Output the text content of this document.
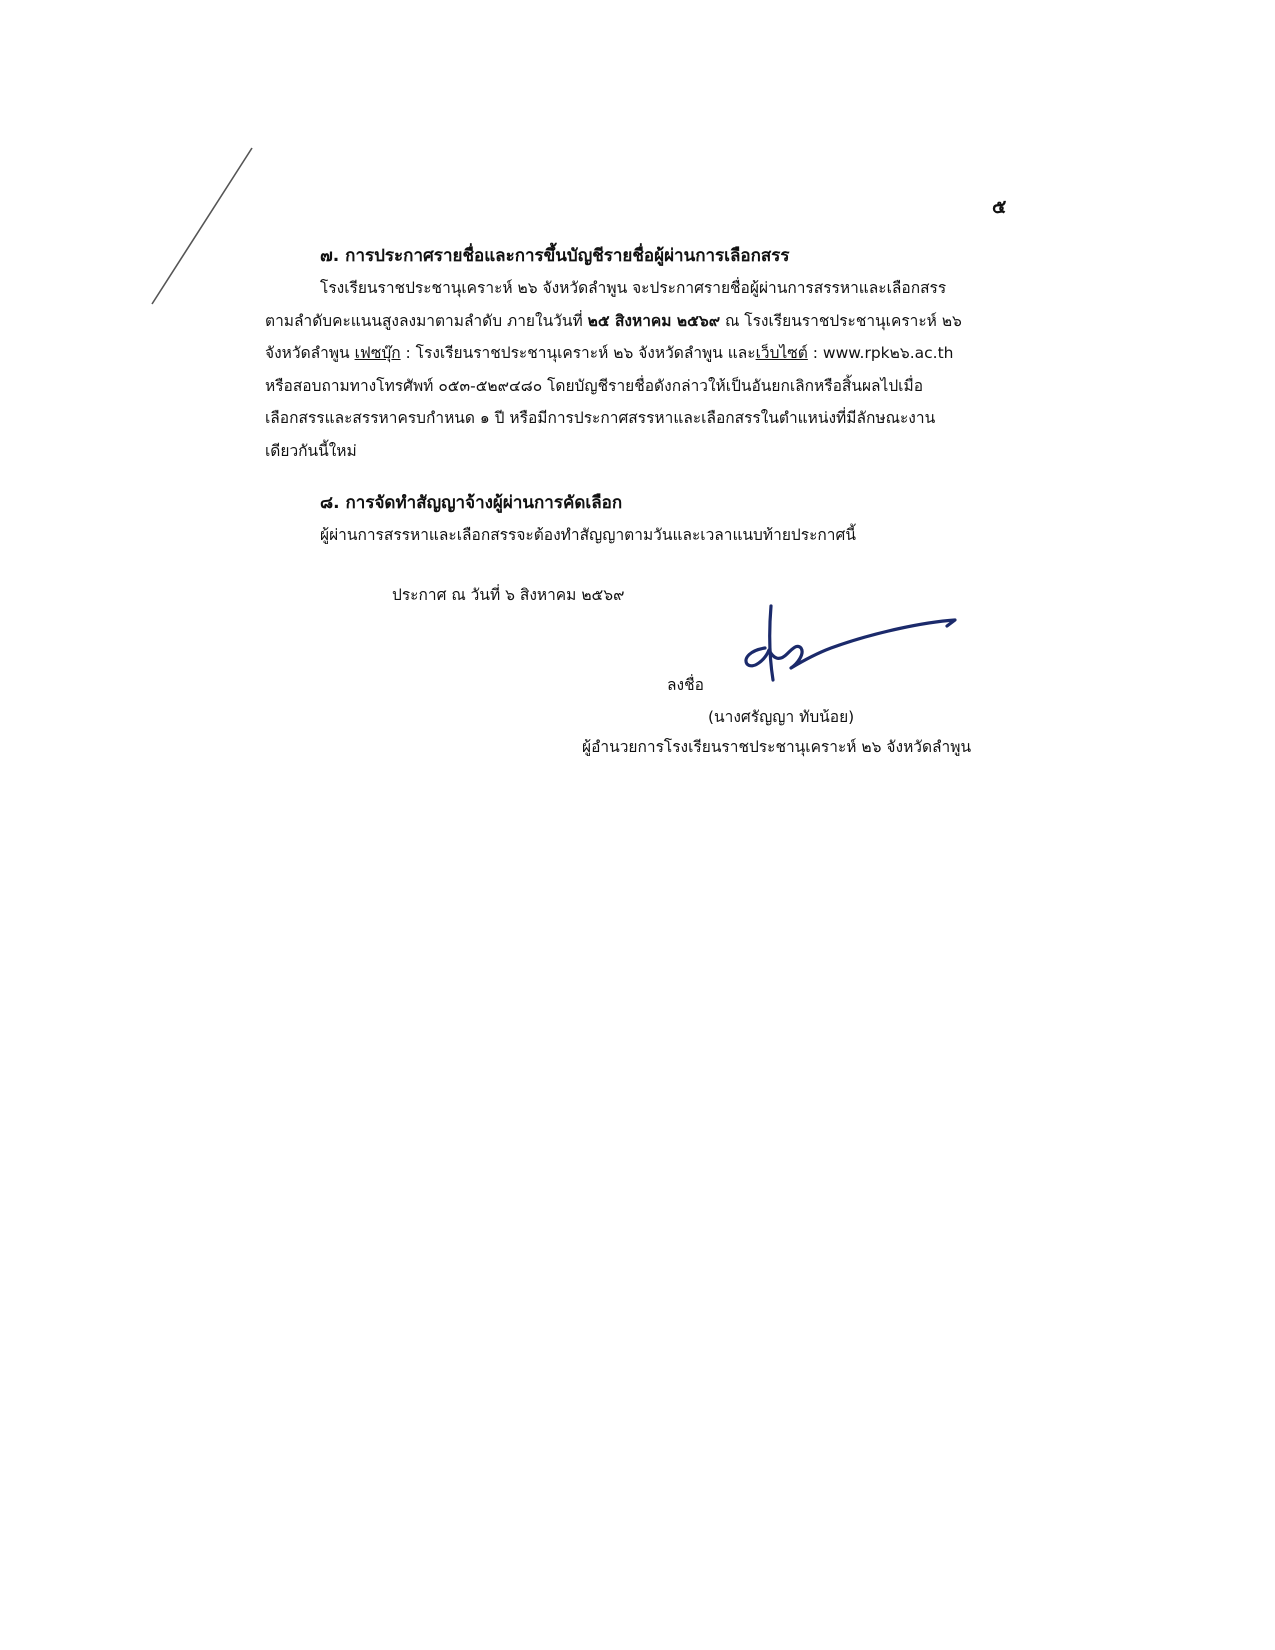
๕
๗. การประกาศรายชื่อและการขึ้นบัญชีรายชื่อผู้ผ่านการเลือกสรร
โรงเรียนราชประชานุเคราะห์ ๒๖ จังหวัดลำพูน จะประกาศรายชื่อผู้ผ่านการสรรหาและเลือกสรร
ตามลำดับคะแนนสูงลงมาตามลำดับ ภายในวันที่ ๒๕ สิงหาคม ๒๕๖๙ ณ โรงเรียนราชประชานุเคราะห์ ๒๖
จังหวัดลำพูน เฟซบุ๊ก : โรงเรียนราชประชานุเคราะห์ ๒๖ จังหวัดลำพูน และเว็บไซต์ : www.rpk๒๖.ac.th
หรือสอบถามทางโทรศัพท์ ๐๕๓-๕๒๙๔๘๐ โดยบัญชีรายชื่อดังกล่าวให้เป็นอันยกเลิกหรือสิ้นผลไปเมื่อ
เลือกสรรและสรรหาครบกำหนด ๑ ปี หรือมีการประกาศสรรหาและเลือกสรรในตำแหน่งที่มีลักษณะงาน
เดียวกันนี้ใหม่
๘. การจัดทำสัญญาจ้างผู้ผ่านการคัดเลือก
ผู้ผ่านการสรรหาและเลือกสรรจะต้องทำสัญญาตามวันและเวลาแนบท้ายประกาศนี้
ประกาศ ณ วันที่ ๖ สิงหาคม ๒๕๖๙
ลงชื่อ
(นางศรัญญา ทับน้อย)
ผู้อำนวยการโรงเรียนราชประชานุเคราะห์ ๒๖ จังหวัดลำพูน
